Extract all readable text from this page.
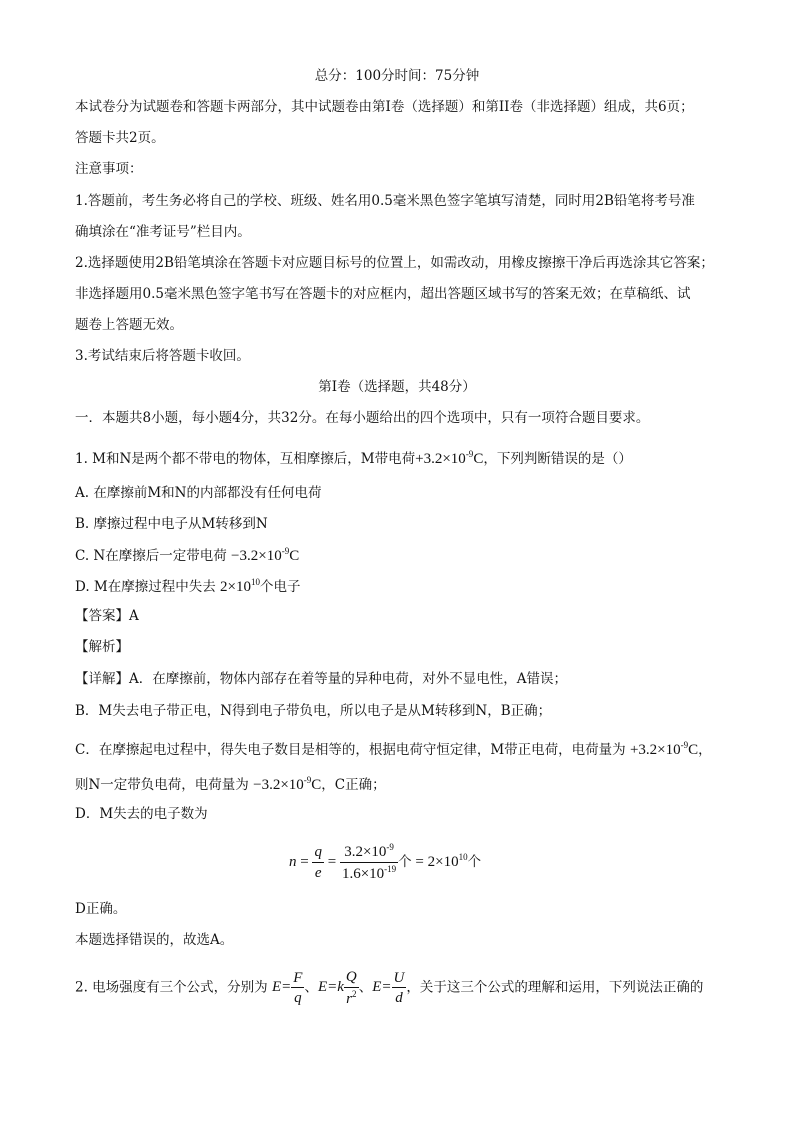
总分：100分时间：75分钟
本试卷分为试题卷和答题卡两部分，其中试题卷由第Ⅰ卷（选择题）和第II卷（非选择题）组成，共6页；
答题卡共2页。
注意事项：
1.答题前，考生务必将自己的学校、班级、姓名用0.5毫米黑色签字笔填写清楚，同时用2B铅笔将考号准
确填涂在“准考证号”栏目内。
2.选择题使用2B铅笔填涂在答题卡对应题目标号的位置上，如需改动，用橡皮擦擦干净后再选涂其它答案；
非选择题用0.5毫米黑色签字笔书写在答题卡的对应框内，超出答题区域书写的答案无效；在草稿纸、试
题卷上答题无效。
3.考试结束后将答题卡收回。
第Ⅰ卷（选择题，共48分）
一．本题共8小题，每小题4分，共32分。在每小题给出的四个选项中，只有一项符合题目要求。
1. M和N是两个都不带电的物体，互相摩擦后，M带电荷$+3.2\times 10^{-9}C$，下列判断错误的是（）
A. 在摩擦前M和N的内部都没有任何电荷
B. 摩擦过程中电子从M转移到N
C. N在摩擦后一定带电荷 $-3.2\times 10^{-9}C$
D. M在摩擦过程中失去 $2\times 10^{10}$个电子
【答案】A
【解析】
【详解】A．在摩擦前，物体内部存在着等量的异种电荷，对外不显电性，A错误；
B．M失去电子带正电，N得到电子带负电，所以电子是从M转移到N，B正确；
C．在摩擦起电过程中，得失电子数目是相等的，根据电荷守恒定律，M带正电荷，电荷量为 $+3.2\times 10^{-9}C$，
则N一定带负电荷，电荷量为 $-3.2\times 10^{-9}C$，C正确；
D．M失去的电子数为
$n = \frac{q}{e} = \frac{3.2\times 10^{-9}}{1.6\times 10^{-19}}$ 个 = $2\times 10^{10}$个
D正确。
本题选择错误的，故选A。
2. 电场强度有三个公式，分别为 $E= \frac{F}{q}$ 、$E=k \frac{Q}{r^2}$ 、$E= \frac{U}{d}$ ，关于这三个公式的理解和运用，下列说法正确的
